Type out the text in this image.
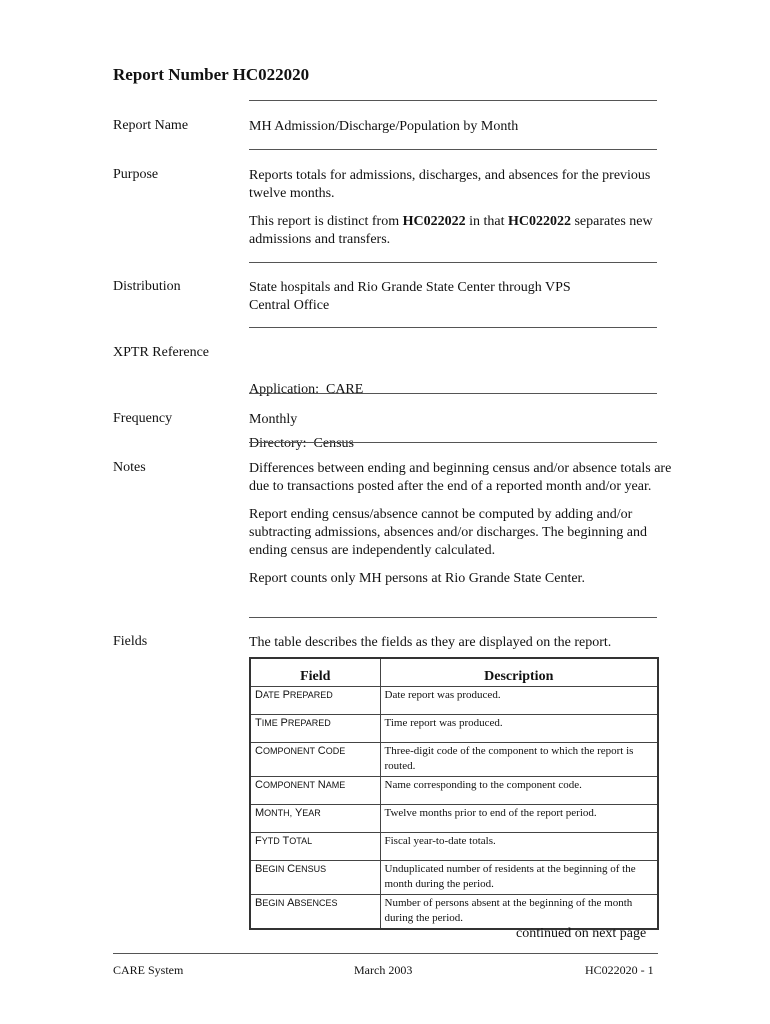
Report Number HC022020
Report Name	MH Admission/Discharge/Population by Month
Purpose	Reports totals for admissions, discharges, and absences for the previous twelve months.

This report is distinct from HC022022 in that HC022022 separates new admissions and transfers.

Distribution	State hospitals and Rio Grande State Center through VPS
Central Office
XPTR Reference

Application:  CARE

Directory:  Census

Frequency	Monthly
Notes	Differences between ending and beginning census and/or absence totals are due to transactions posted after the end of a reported month and/or year.

Report ending census/absence cannot be computed by adding and/or subtracting admissions, absences and/or discharges. The beginning and ending census are independently calculated.

Report counts only MH persons at Rio Grande State Center.

Fields	The table describes the fields as they are displayed on the report.
Field	Description
DATE PREPARED	Date report was produced.
TIME PREPARED	Time report was produced.
COMPONENT CODE	Three-digit code of the component to which the report is routed.
COMPONENT NAME	Name corresponding to the component code.
MONTH, YEAR	Twelve months prior to end of the report period.
FYTD TOTAL	Fiscal year-to-date totals.
BEGIN CENSUS	Unduplicated number of residents at the beginning of the month during the period.
BEGIN ABSENCES	Number of persons absent at the beginning of the month during the period.
continued on next page
CARE System	March 2003	HC022020 - 1
